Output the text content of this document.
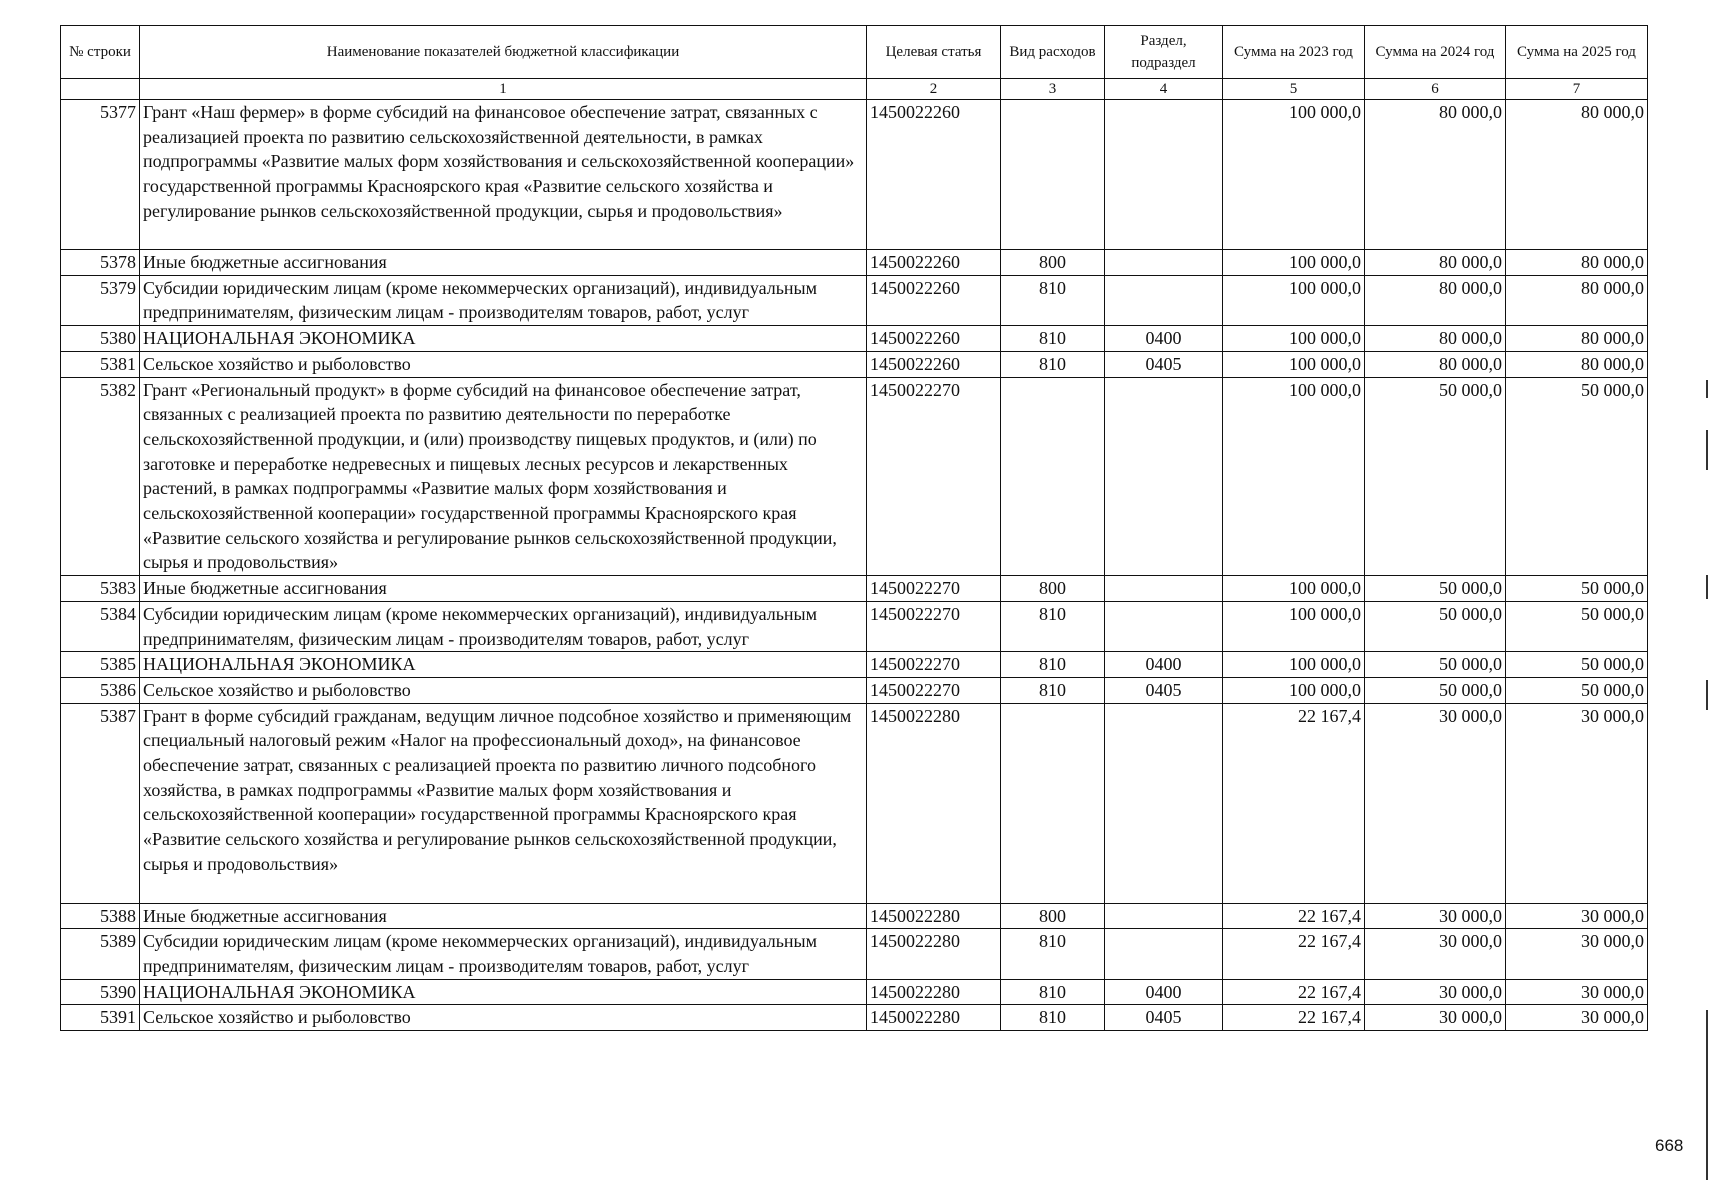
№ строки	Наименование показателей бюджетной классификации	Целевая статья	Вид расходов	Раздел, подраздел	Сумма на 2023 год	Сумма на 2024 год	Сумма на 2025 год
	1	2	3	4	5	6	7
5377	Грант «Наш фермер» в форме субсидий на финансовое обеспечение затрат, связанных с реализацией проекта по развитию сельскохозяйственной деятельности, в рамках подпрограммы «Развитие малых форм хозяйствования и сельскохозяйственной кооперации» государственной программы Красноярского края «Развитие сельского хозяйства и регулирование рынков сельскохозяйственной продукции, сырья и продовольствия»	1450022260			100 000,0	80 000,0	80 000,0
5378	Иные бюджетные ассигнования	1450022260	800		100 000,0	80 000,0	80 000,0
5379	Субсидии юридическим лицам (кроме некоммерческих организаций), индивидуальным предпринимателям, физическим лицам - производителям товаров, работ, услуг	1450022260	810		100 000,0	80 000,0	80 000,0
5380	НАЦИОНАЛЬНАЯ ЭКОНОМИКА	1450022260	810	0400	100 000,0	80 000,0	80 000,0
5381	Сельское хозяйство и рыболовство	1450022260	810	0405	100 000,0	80 000,0	80 000,0
5382	Грант «Региональный продукт» в форме субсидий на финансовое обеспечение затрат, связанных с реализацией проекта по развитию деятельности по переработке сельскохозяйственной продукции, и (или) производству пищевых продуктов, и (или) по заготовке и переработке недревесных и пищевых лесных ресурсов и лекарственных растений, в рамках подпрограммы «Развитие малых форм хозяйствования и сельскохозяйственной кооперации» государственной программы Красноярского края «Развитие сельского хозяйства и регулирование рынков сельскохозяйственной продукции, сырья и продовольствия»	1450022270			100 000,0	50 000,0	50 000,0
5383	Иные бюджетные ассигнования	1450022270	800		100 000,0	50 000,0	50 000,0
5384	Субсидии юридическим лицам (кроме некоммерческих организаций), индивидуальным предпринимателям, физическим лицам - производителям товаров, работ, услуг	1450022270	810		100 000,0	50 000,0	50 000,0
5385	НАЦИОНАЛЬНАЯ ЭКОНОМИКА	1450022270	810	0400	100 000,0	50 000,0	50 000,0
5386	Сельское хозяйство и рыболовство	1450022270	810	0405	100 000,0	50 000,0	50 000,0
5387	Грант в форме субсидий гражданам, ведущим личное подсобное хозяйство и применяющим специальный налоговый режим «Налог на профессиональный доход», на финансовое обеспечение затрат, связанных с реализацией проекта по развитию личного подсобного хозяйства, в рамках подпрограммы «Развитие малых форм хозяйствования и сельскохозяйственной кооперации» государственной программы Красноярского края «Развитие сельского хозяйства и регулирование рынков сельскохозяйственной продукции, сырья и продовольствия»	1450022280			22 167,4	30 000,0	30 000,0
5388	Иные бюджетные ассигнования	1450022280	800		22 167,4	30 000,0	30 000,0
5389	Субсидии юридическим лицам (кроме некоммерческих организаций), индивидуальным предпринимателям, физическим лицам - производителям товаров, работ, услуг	1450022280	810		22 167,4	30 000,0	30 000,0
5390	НАЦИОНАЛЬНАЯ ЭКОНОМИКА	1450022280	810	0400	22 167,4	30 000,0	30 000,0
5391	Сельское хозяйство и рыболовство	1450022280	810	0405	22 167,4	30 000,0	30 000,0
668
